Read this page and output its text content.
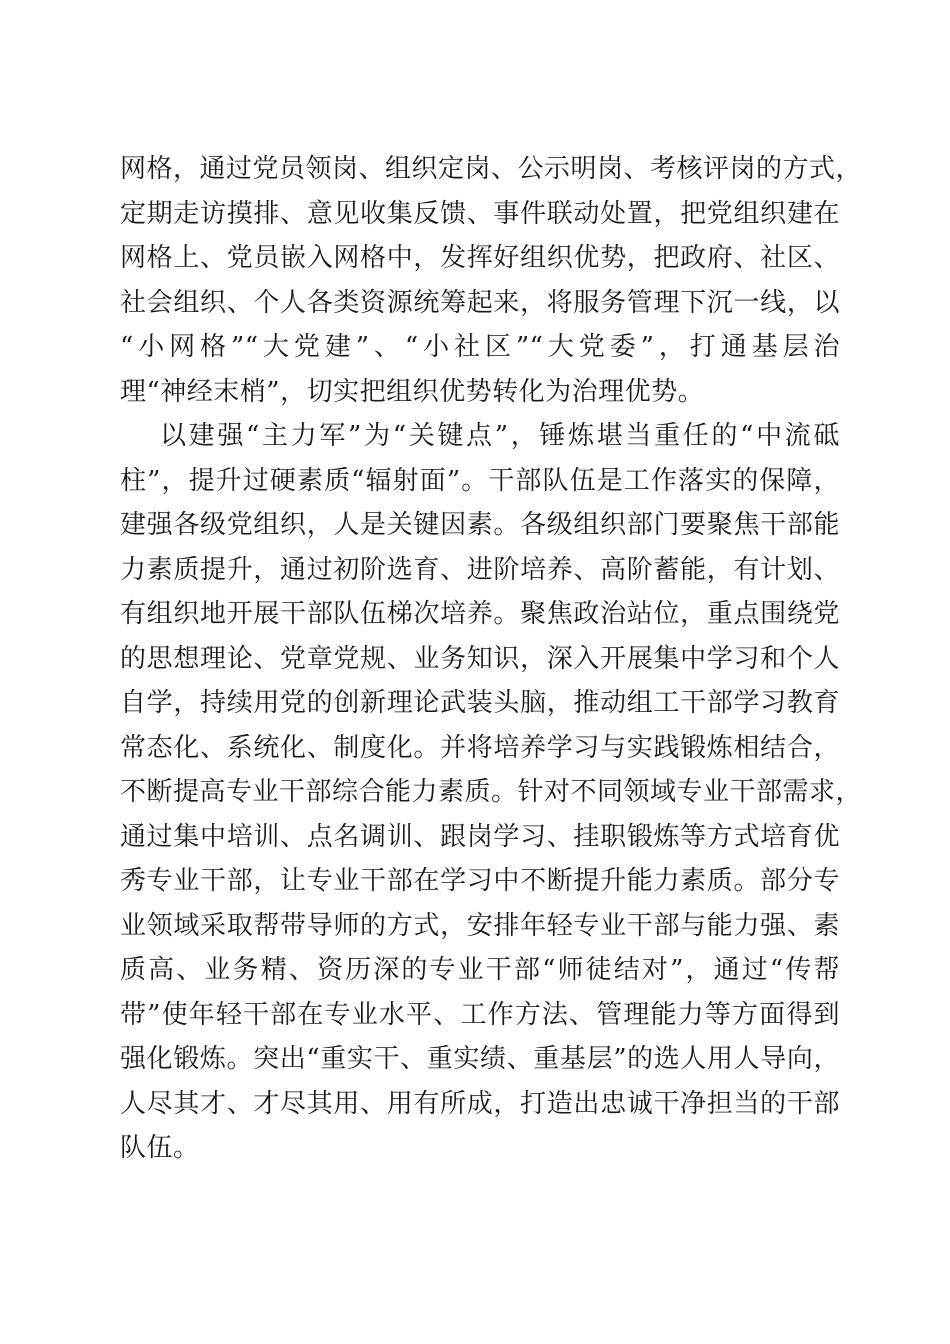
网格，通过党员领岗、组织定岗、公示明岗、考核评岗的方式，
定期走访摸排、意见收集反馈、事件联动处置，把党组织建在
网格上、党员嵌入网格中，发挥好组织优势，把政府、社区、
社会组织、个人各类资源统筹起来，将服务管理下沉一线，以
“小网格”“大党建”、“小社区”“大党委”，打通基层治
理“神经末梢”，切实把组织优势转化为治理优势。
以建强“主力军”为“关键点”，锤炼堪当重任的“中流砥
柱”，提升过硬素质“辐射面”。干部队伍是工作落实的保障，
建强各级党组织，人是关键因素。各级组织部门要聚焦干部能
力素质提升，通过初阶选育、进阶培养、高阶蓄能，有计划、
有组织地开展干部队伍梯次培养。聚焦政治站位，重点围绕党
的思想理论、党章党规、业务知识，深入开展集中学习和个人
自学，持续用党的创新理论武装头脑，推动组工干部学习教育
常态化、系统化、制度化。并将培养学习与实践锻炼相结合，
不断提高专业干部综合能力素质。针对不同领域专业干部需求，
通过集中培训、点名调训、跟岗学习、挂职锻炼等方式培育优
秀专业干部，让专业干部在学习中不断提升能力素质。部分专
业领域采取帮带导师的方式，安排年轻专业干部与能力强、素
质高、业务精、资历深的专业干部“师徒结对”，通过“传帮
带”使年轻干部在专业水平、工作方法、管理能力等方面得到
强化锻炼。突出“重实干、重实绩、重基层”的选人用人导向，
人尽其才、才尽其用、用有所成，打造出忠诚干净担当的干部
队伍。
